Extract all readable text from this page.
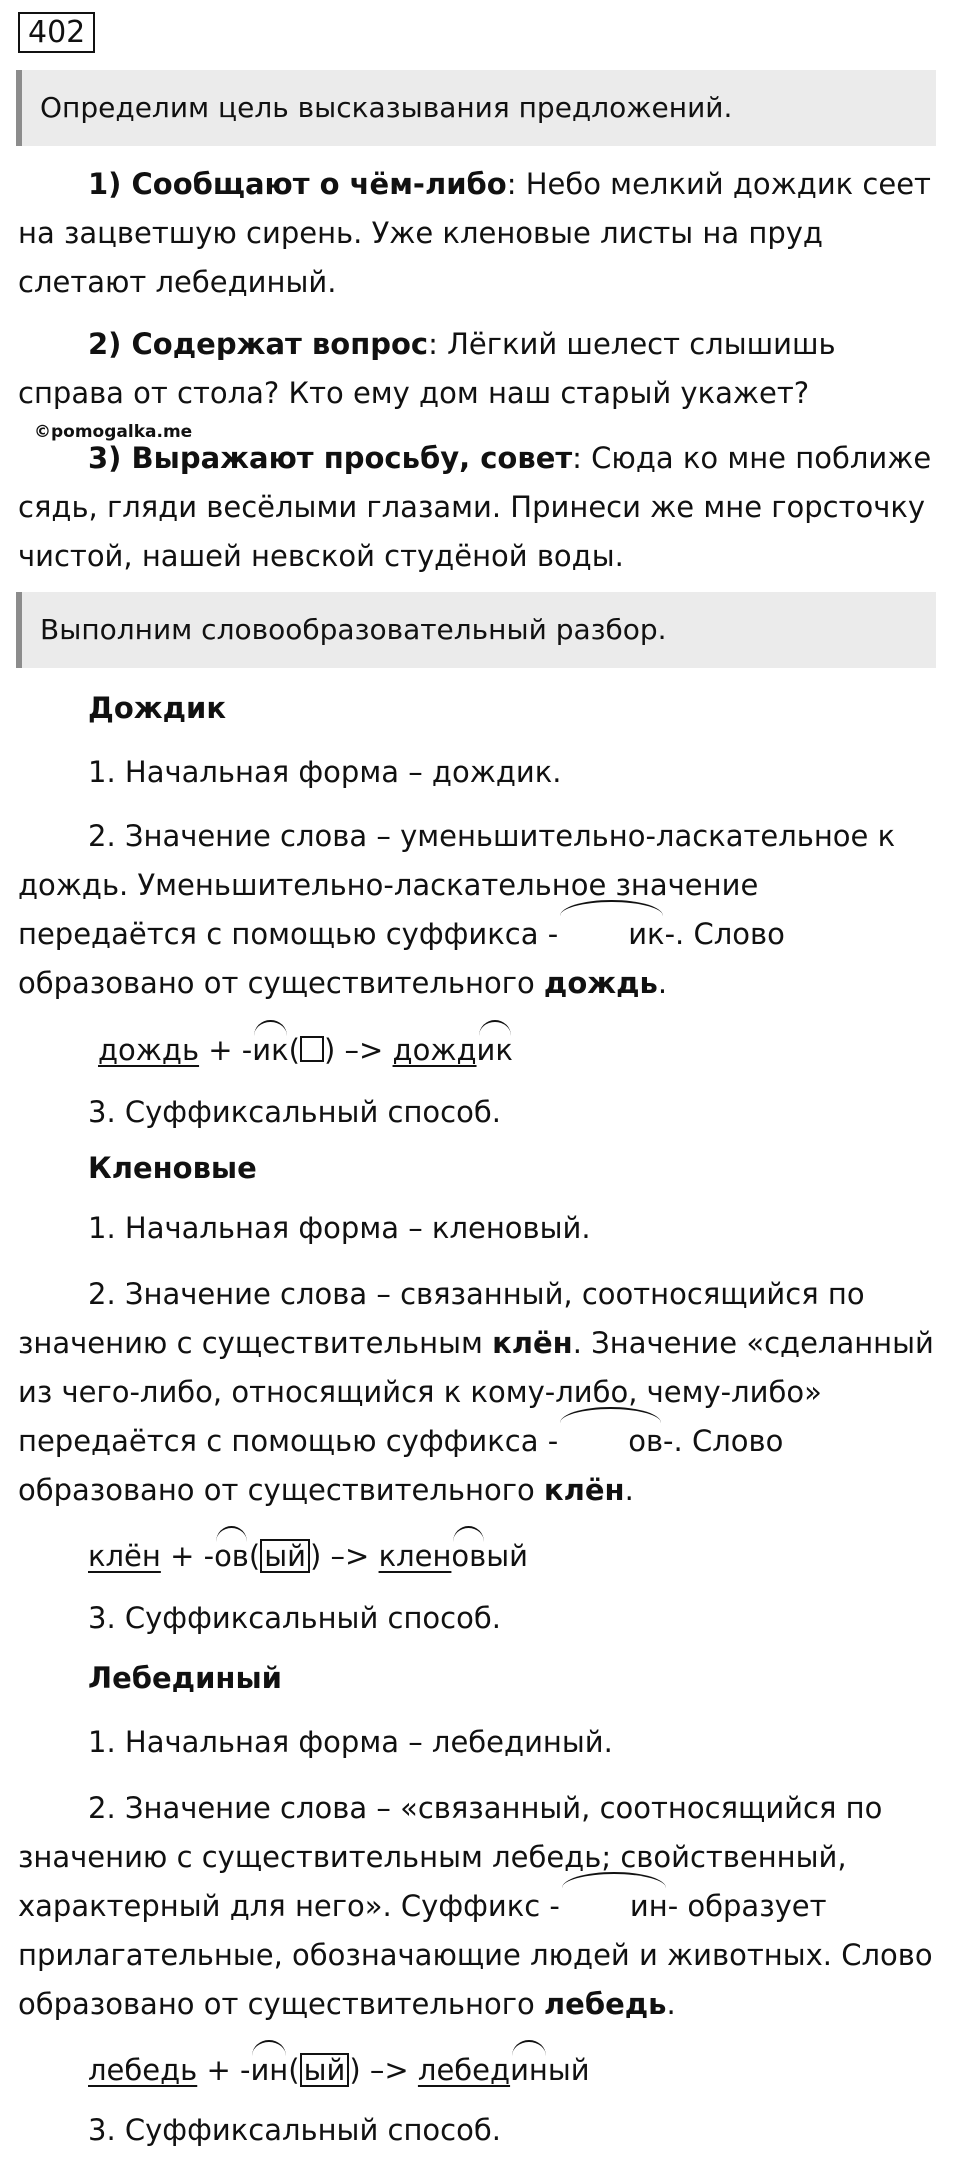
402
Определим цель высказывания предложений.

1) Сообщают о чём-либо: Небо мелкий дождик сеет на зацветшую сирень. Уже кленовые листы на пруд слетают лебединый.

2) Содержат вопрос: Лёгкий шелест слышишь справа от стола? Кто ему дом наш старый укажет?

©pomogalka.me

3) Выражают просьбу, совет: Сюда ко мне поближе сядь, гляди весёлыми глазами. Принеси же мне горсточку чистой, нашей невской студёной воды.

Выполним словообразовательный разбор.
Дождик
1. Начальная форма – дождик.

2. Значение слова – уменьшительно-ласкательное к дождь. Уменьшительно-ласкательное значение передаётся с помощью суффикса - ик-. Слово образовано от существительного дождь.

дождь + -ик( ) –> дождик
3. Суффиксальный способ.
Кленовые
1. Начальная форма – кленовый.

2. Значение слова – связанный, соотносящийся по значению с существительным клён. Значение «сделанный из чего-либо, относящийся к кому-либо, чему-либо» передаётся с помощью суффикса - ов-. Слово образовано от существительного клён.

клён + -ов( ый ) –> кленовый
3. Суффиксальный способ.
Лебединый
1. Начальная форма – лебединый.

2. Значение слова – «связанный, соотносящийся по значению с существительным лебедь; свойственный, характерный для него». Суффикс - ин- образует прилагательные, обозначающие людей и животных. Слово образовано от существительного лебедь.

лебедь + -ин( ый ) –> лебединый
3. Суффиксальный способ.
